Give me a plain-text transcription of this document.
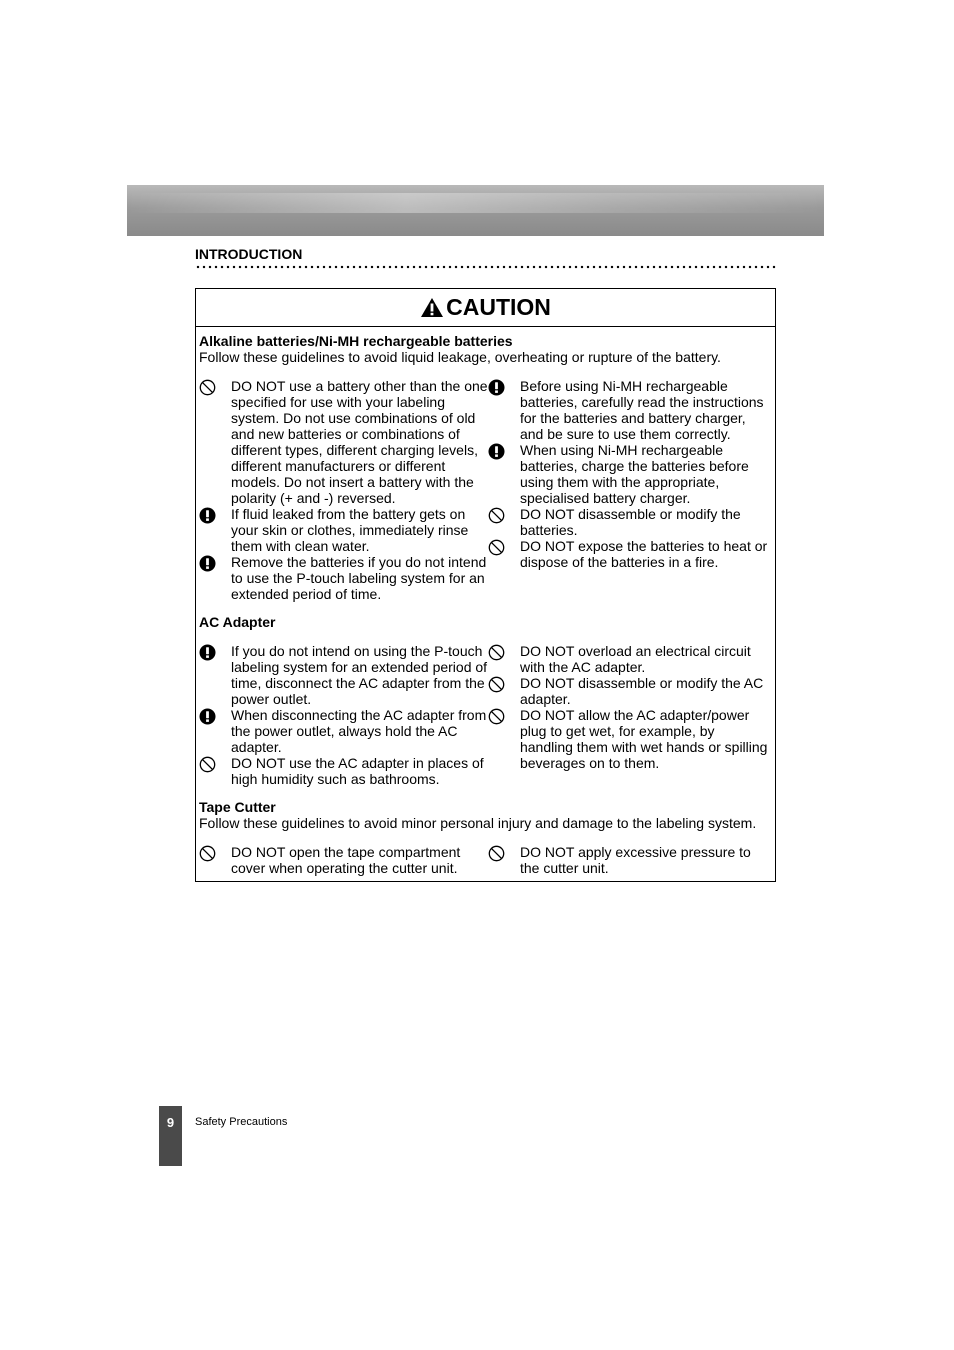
INTRODUCTION
CAUTION
Alkaline batteries/Ni-MH rechargeable batteries
Follow these guidelines to avoid liquid leakage, overheating or rupture of the battery.
DO NOT use a battery other than the one specified for use with your labeling system. Do not use combinations of old and new batteries or combinations of different types, different charging levels, different manufacturers or different models. Do not insert a battery with the polarity (+ and -) reversed.
If fluid leaked from the battery gets on your skin or clothes, immediately rinse them with clean water.
Remove the batteries if you do not intend to use the P-touch labeling system for an extended period of time.
Before using Ni-MH rechargeable batteries, carefully read the instructions for the batteries and battery charger, and be sure to use them correctly.
When using Ni-MH rechargeable batteries, charge the batteries before using them with the appropriate, specialised battery charger.
DO NOT disassemble or modify the batteries.
DO NOT expose the batteries to heat or dispose of the batteries in a fire.
AC Adapter
If you do not intend on using the P-touch labeling system for an extended period of time, disconnect the AC adapter from the power outlet.
When disconnecting the AC adapter from the power outlet, always hold the AC adapter.
DO NOT use the AC adapter in places of high humidity such as bathrooms.
DO NOT overload an electrical circuit with the AC adapter.
DO NOT disassemble or modify the AC adapter.
DO NOT allow the AC adapter/power plug to get wet, for example, by handling them with wet hands or spilling beverages on to them.
Tape Cutter
Follow these guidelines to avoid minor personal injury and damage to the labeling system.
DO NOT open the tape compartment cover when operating the cutter unit.
DO NOT apply excessive pressure to the cutter unit.
9	Safety Precautions
